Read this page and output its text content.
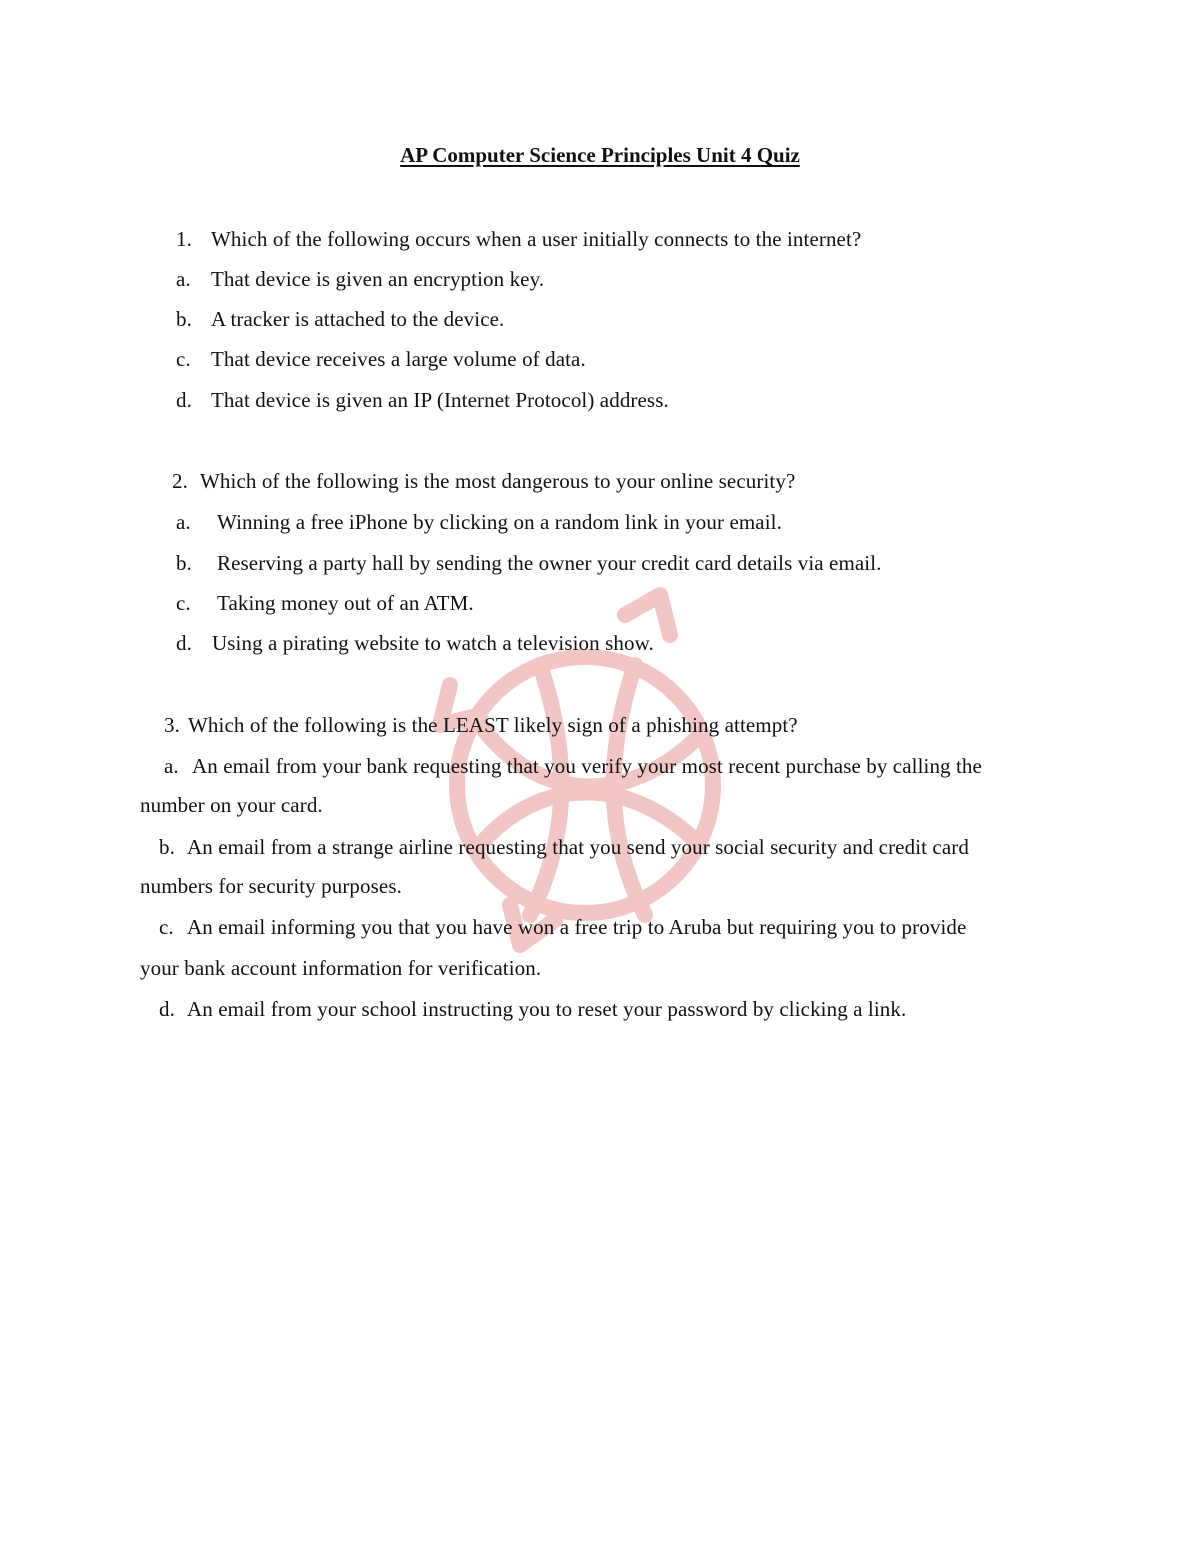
AP Computer Science Principles Unit 4 Quiz
1. Which of the following occurs when a user initially connects to the internet?
a. That device is given an encryption key.
b. A tracker is attached to the device.
c. That device receives a large volume of data.
d. That device is given an IP (Internet Protocol) address.
2. Which of the following is the most dangerous to your online security?
a. Winning a free iPhone by clicking on a random link in your email.
b. Reserving a party hall by sending the owner your credit card details via email.
c. Taking money out of an ATM.
d. Using a pirating website to watch a television show.
3. Which of the following is the LEAST likely sign of a phishing attempt?
a. An email from your bank requesting that you verify your most recent purchase by calling the
number on your card.
b. An email from a strange airline requesting that you send your social security and credit card
numbers for security purposes.
c. An email informing you that you have won a free trip to Aruba but requiring you to provide
your bank account information for verification.
d. An email from your school instructing you to reset your password by clicking a link.
